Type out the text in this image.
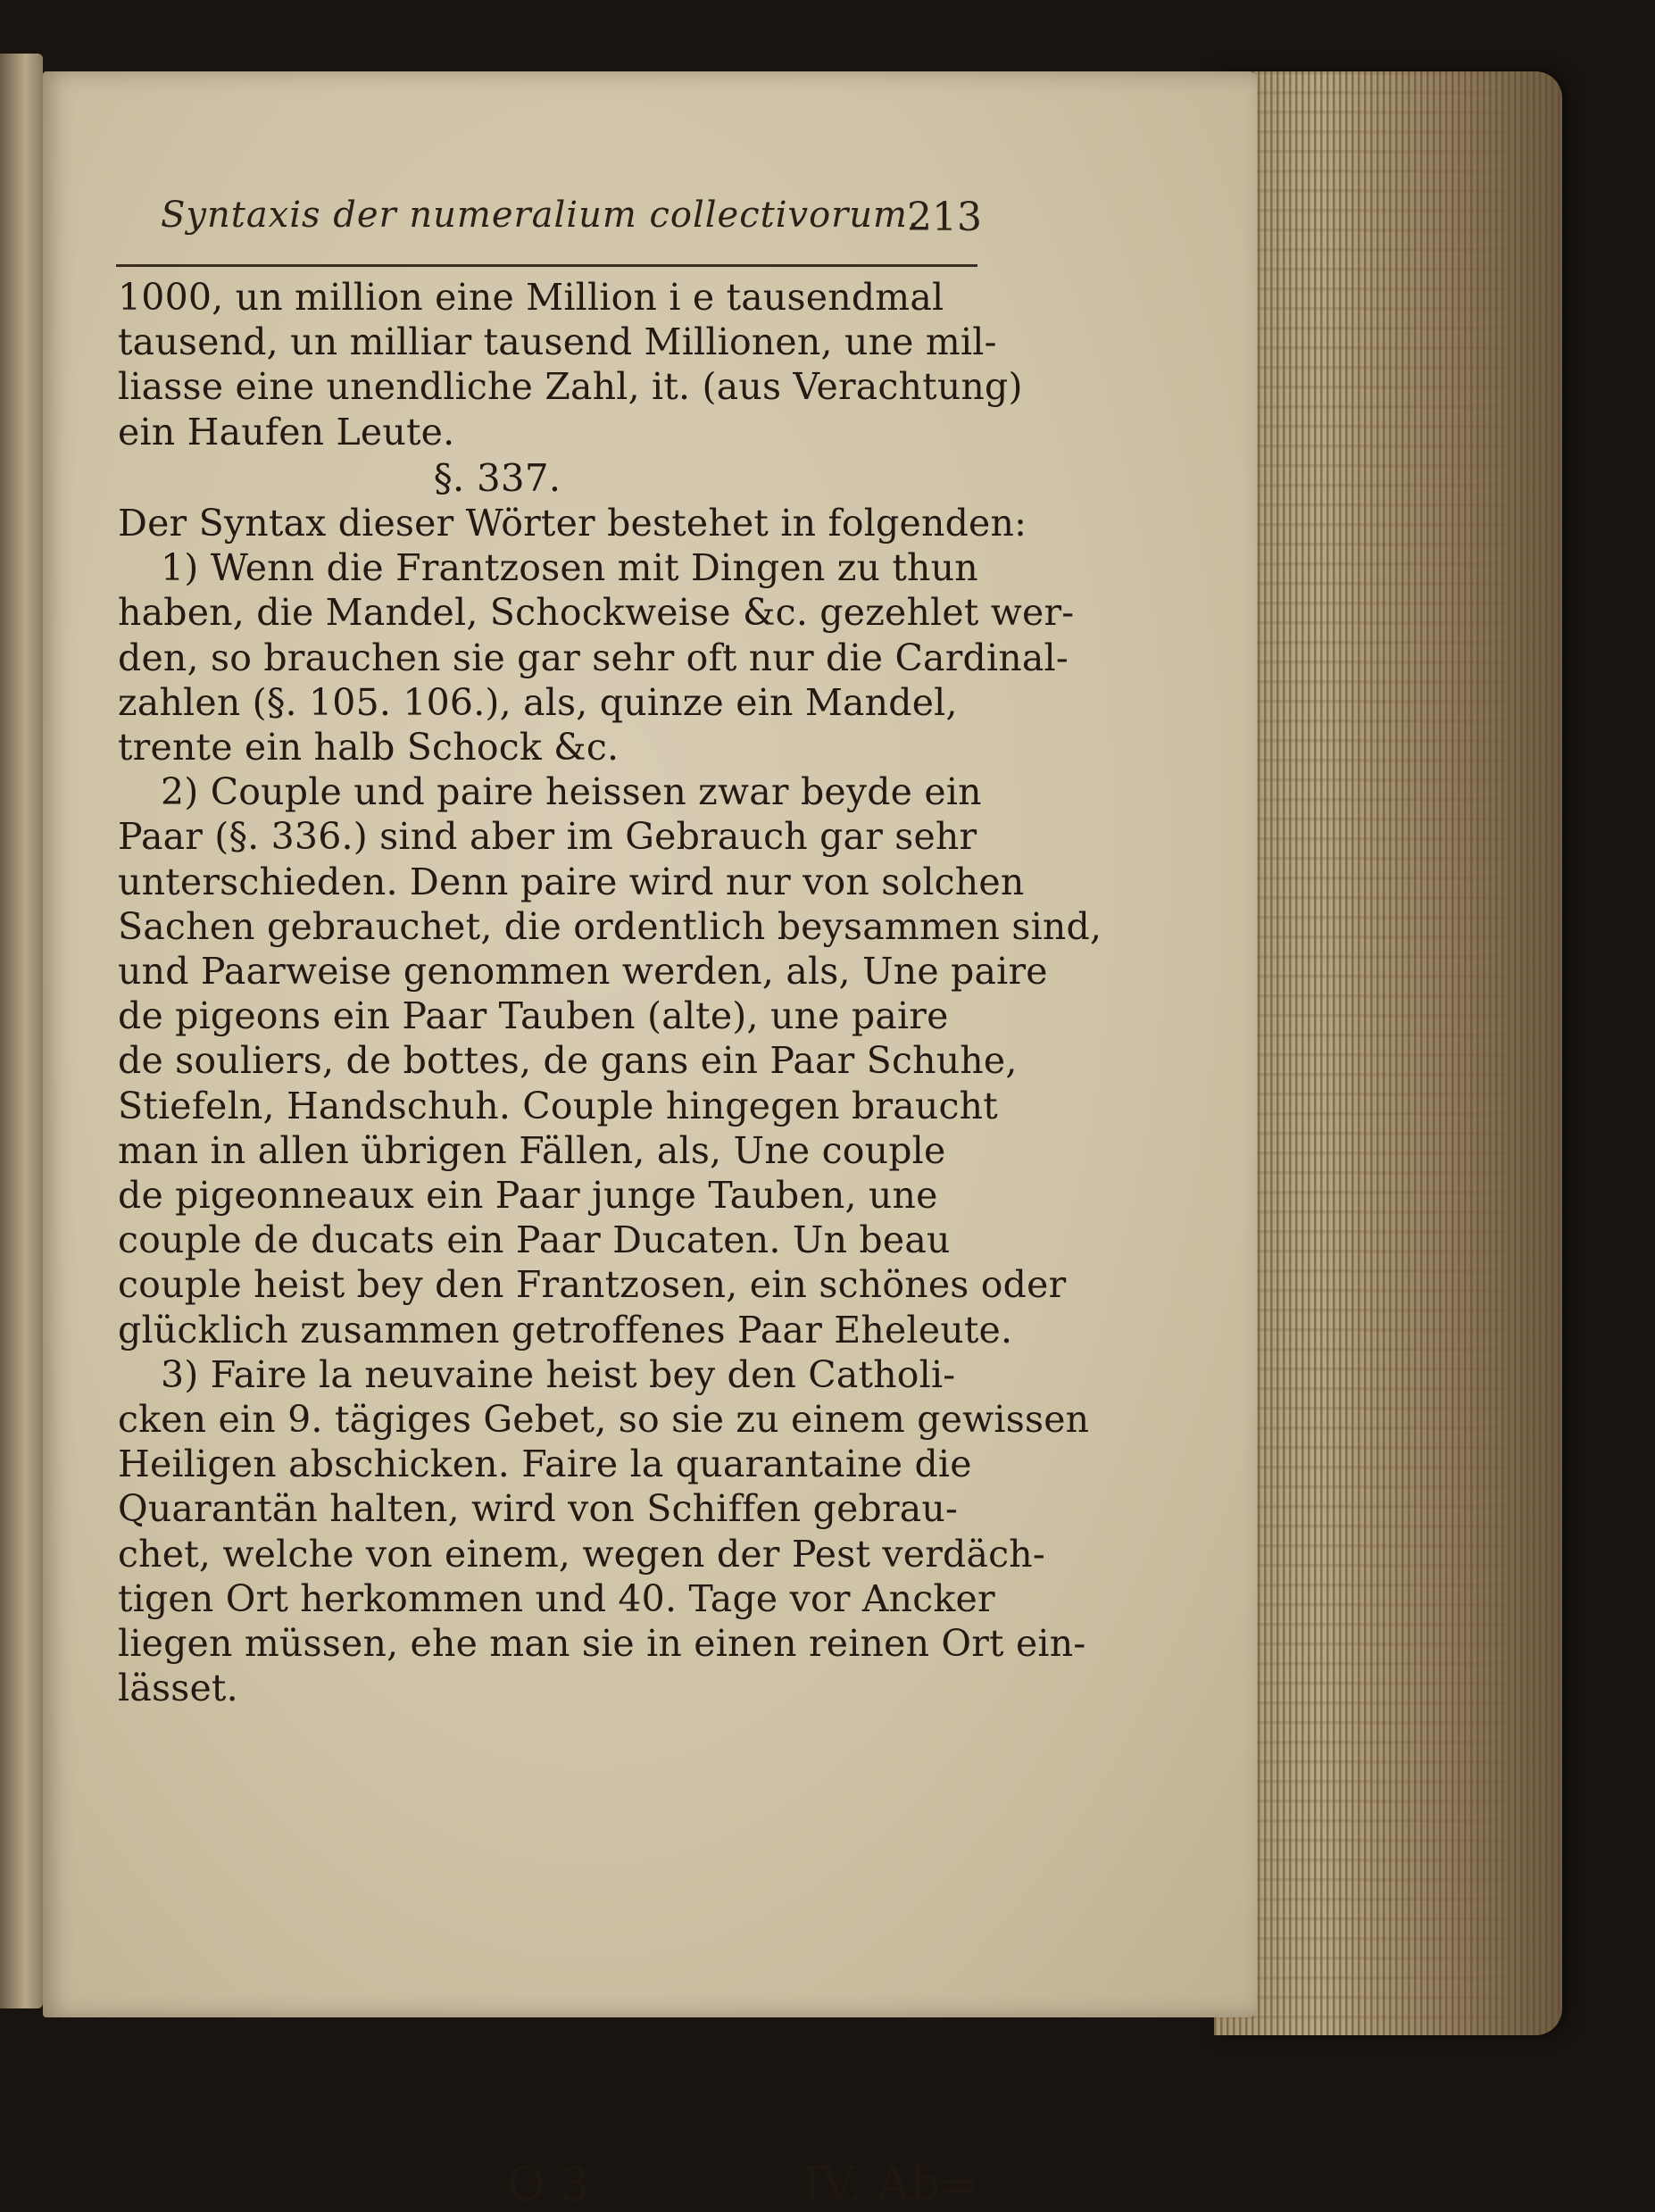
Syntaxis der numeralium collectivorum.
213

1000, un million eine Million i e tausendmal
tausend, un milliar tausend Millionen, une mil-
liasse eine unendliche Zahl, it. (aus Verachtung)
ein Haufen Leute.

§. 337.

Der Syntax dieser Wörter bestehet in folgenden:

1) Wenn die Frantzosen mit Dingen zu thun
haben, die Mandel, Schockweise &c. gezehlet wer-
den, so brauchen sie gar sehr oft nur die Cardinal-
zahlen (§. 105. 106.), als, quinze ein Mandel,
trente ein halb Schock &c.

2) Couple und paire heissen zwar beyde ein
Paar (§. 336.) sind aber im Gebrauch gar sehr
unterschieden. Denn paire wird nur von solchen
Sachen gebrauchet, die ordentlich beysammen sind,
und Paarweise genommen werden, als, Une paire
de pigeons ein Paar Tauben (alte), une paire
de souliers, de bottes, de gans ein Paar Schuhe,
Stiefeln, Handschuh. Couple hingegen braucht
man in allen übrigen Fällen, als, Une couple
de pigeonneaux ein Paar junge Tauben, une
couple de ducats ein Paar Ducaten. Un beau
couple heist bey den Frantzosen, ein schönes oder
glücklich zusammen getroffenes Paar Eheleute.

3) Faire la neuvaine heist bey den Catholi-
cken ein 9. tägiges Gebet, so sie zu einem gewissen
Heiligen abschicken. Faire la quarantaine die
Quarantän halten, wird von Schiffen gebrau-
chet, welche von einem, wegen der Pest verdäch-
tigen Ort herkommen und 40. Tage vor Ancker
liegen müssen, ehe man sie in einen reinen Ort ein-
lässet.

O 3	IV. Ab=
